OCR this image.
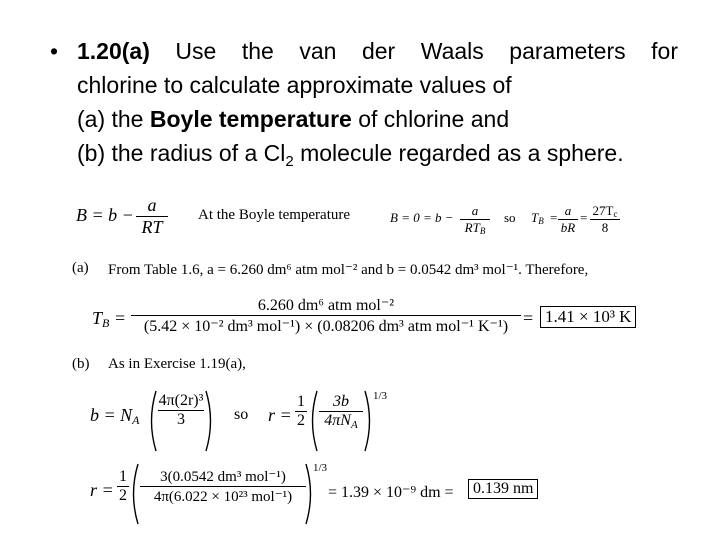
• 1.20(a) Use the van der Waals parameters for
chlorine to calculate approximate values of
(a) the Boyle temperature of chlorine and
(b) the radius of a $Cl_2$ molecule regarded as a sphere.
B = b − a
RT
At the Boyle temperature	B = 0 = b −	a
$RT_B$
so $T_B = a$
bR
= $27T_c$
8
(a) From Table 1.6, a = 6.260 dm⁶ atm mol⁻² and b = 0.0542 dm³ mol⁻¹. Therefore,
$T_B$ =
6.260 dm⁶ atm mol⁻²
(5.42 × 10⁻² dm³ mol⁻¹) × (0.08206 dm³ atm mol⁻¹ K⁻¹) = 1.41 × 10³ K
(b) As in Exercise 1.19(a),
$b = N_A$
4π(2r)³
3	so r =
1
2
3b
$4\pi N_A$
1/3
r =
1
2
3(0.0542 dm³ mol⁻¹)
4π(6.022 × 10²³ mol⁻¹)
1/3
= 1.39 × 10⁻⁹ dm =	0.139 nm
